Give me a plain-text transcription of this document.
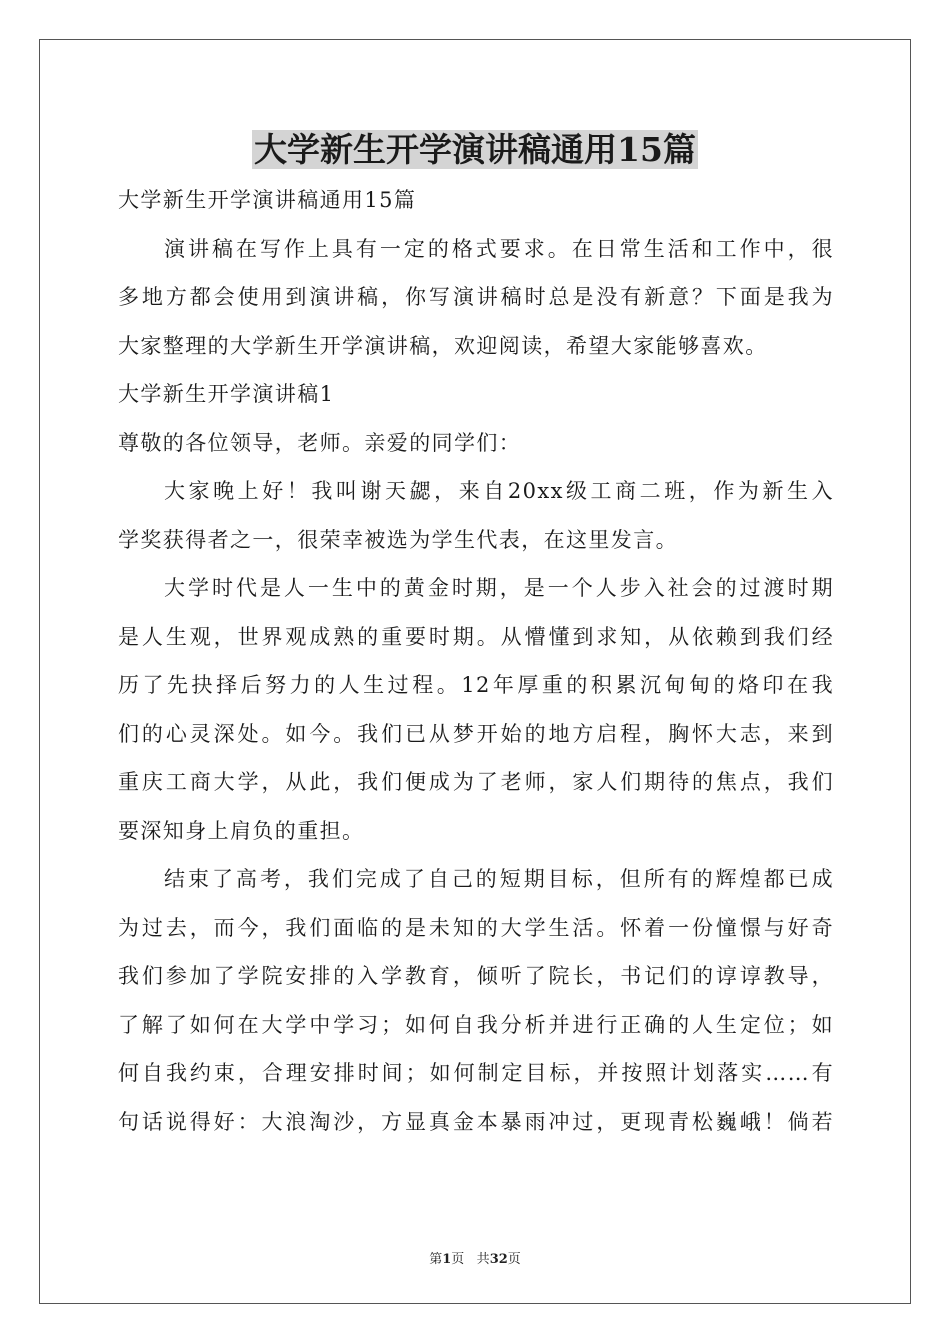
大学新生开学演讲稿通用15篇

大学新生开学演讲稿通用15篇

演讲稿在写作上具有一定的格式要求。在日常生活和工作中，很

多地方都会使用到演讲稿，你写演讲稿时总是没有新意？下面是我为

大家整理的大学新生开学演讲稿，欢迎阅读，希望大家能够喜欢。

大学新生开学演讲稿1

尊敬的各位领导，老师。亲爱的同学们：

大家晚上好！我叫谢天勰，来自20xx级工商二班，作为新生入

学奖获得者之一，很荣幸被选为学生代表，在这里发言。

大学时代是人一生中的黄金时期，是一个人步入社会的过渡时期

是人生观，世界观成熟的重要时期。从懵懂到求知，从依赖到我们经

历了先抉择后努力的人生过程。12年厚重的积累沉甸甸的烙印在我

们的心灵深处。如今。我们已从梦开始的地方启程，胸怀大志，来到

重庆工商大学，从此，我们便成为了老师，家人们期待的焦点，我们

要深知身上肩负的重担。

结束了高考，我们完成了自己的短期目标，但所有的辉煌都已成

为过去，而今，我们面临的是未知的大学生活。怀着一份憧憬与好奇

我们参加了学院安排的入学教育，倾听了院长，书记们的谆谆教导，

了解了如何在大学中学习；如何自我分析并进行正确的人生定位；如

何自我约束，合理安排时间；如何制定目标，并按照计划落实……有

句话说得好：大浪淘沙，方显真金本暴雨冲过，更现青松巍峨！倘若

第1页 共32页
